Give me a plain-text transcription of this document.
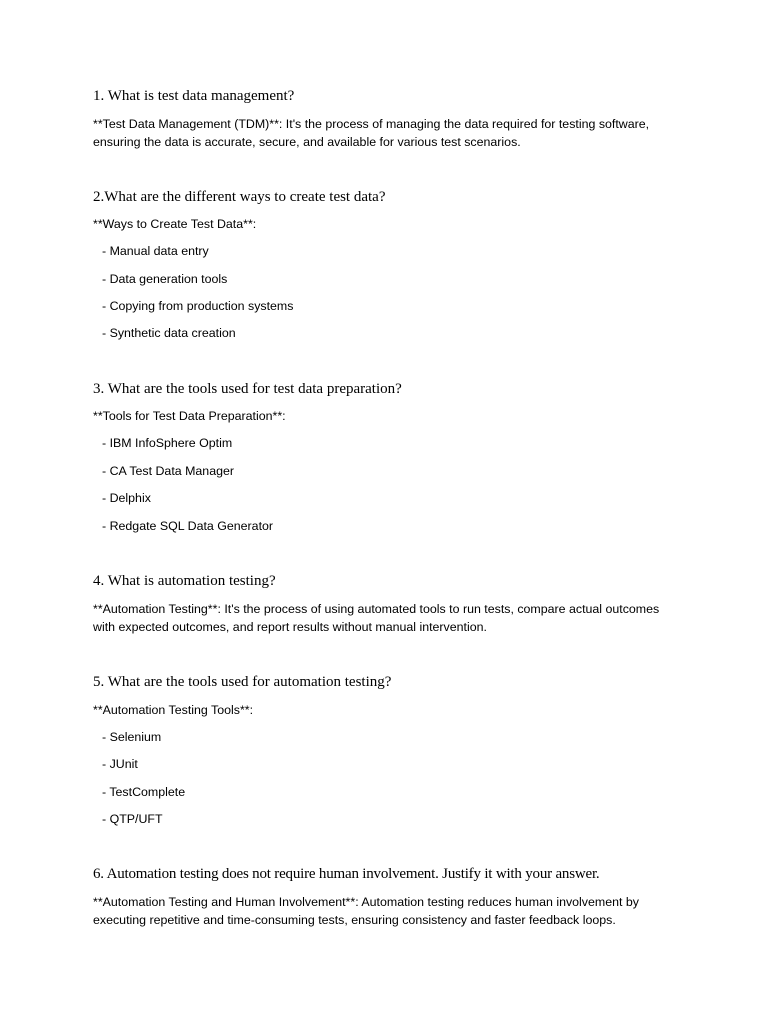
1. What is test data management?

**Test Data Management (TDM)**: It's the process of managing the data required for testing software, ensuring the data is accurate, secure, and available for various test scenarios.

2.What are the different ways to create test data?

**Ways to Create Test Data**:

- Manual data entry

- Data generation tools

- Copying from production systems

- Synthetic data creation

3. What are the tools used for test data preparation?

**Tools for Test Data Preparation**:

- IBM InfoSphere Optim

- CA Test Data Manager

- Delphix

- Redgate SQL Data Generator

4. What is automation testing?

**Automation Testing**: It's the process of using automated tools to run tests, compare actual outcomes with expected outcomes, and report results without manual intervention.

5. What are the tools used for automation testing?

**Automation Testing Tools**:

- Selenium

- JUnit

- TestComplete

- QTP/UFT

6. Automation testing does not require human involvement. Justify it with your answer.

**Automation Testing and Human Involvement**: Automation testing reduces human involvement by executing repetitive and time-consuming tests, ensuring consistency and faster feedback loops.
